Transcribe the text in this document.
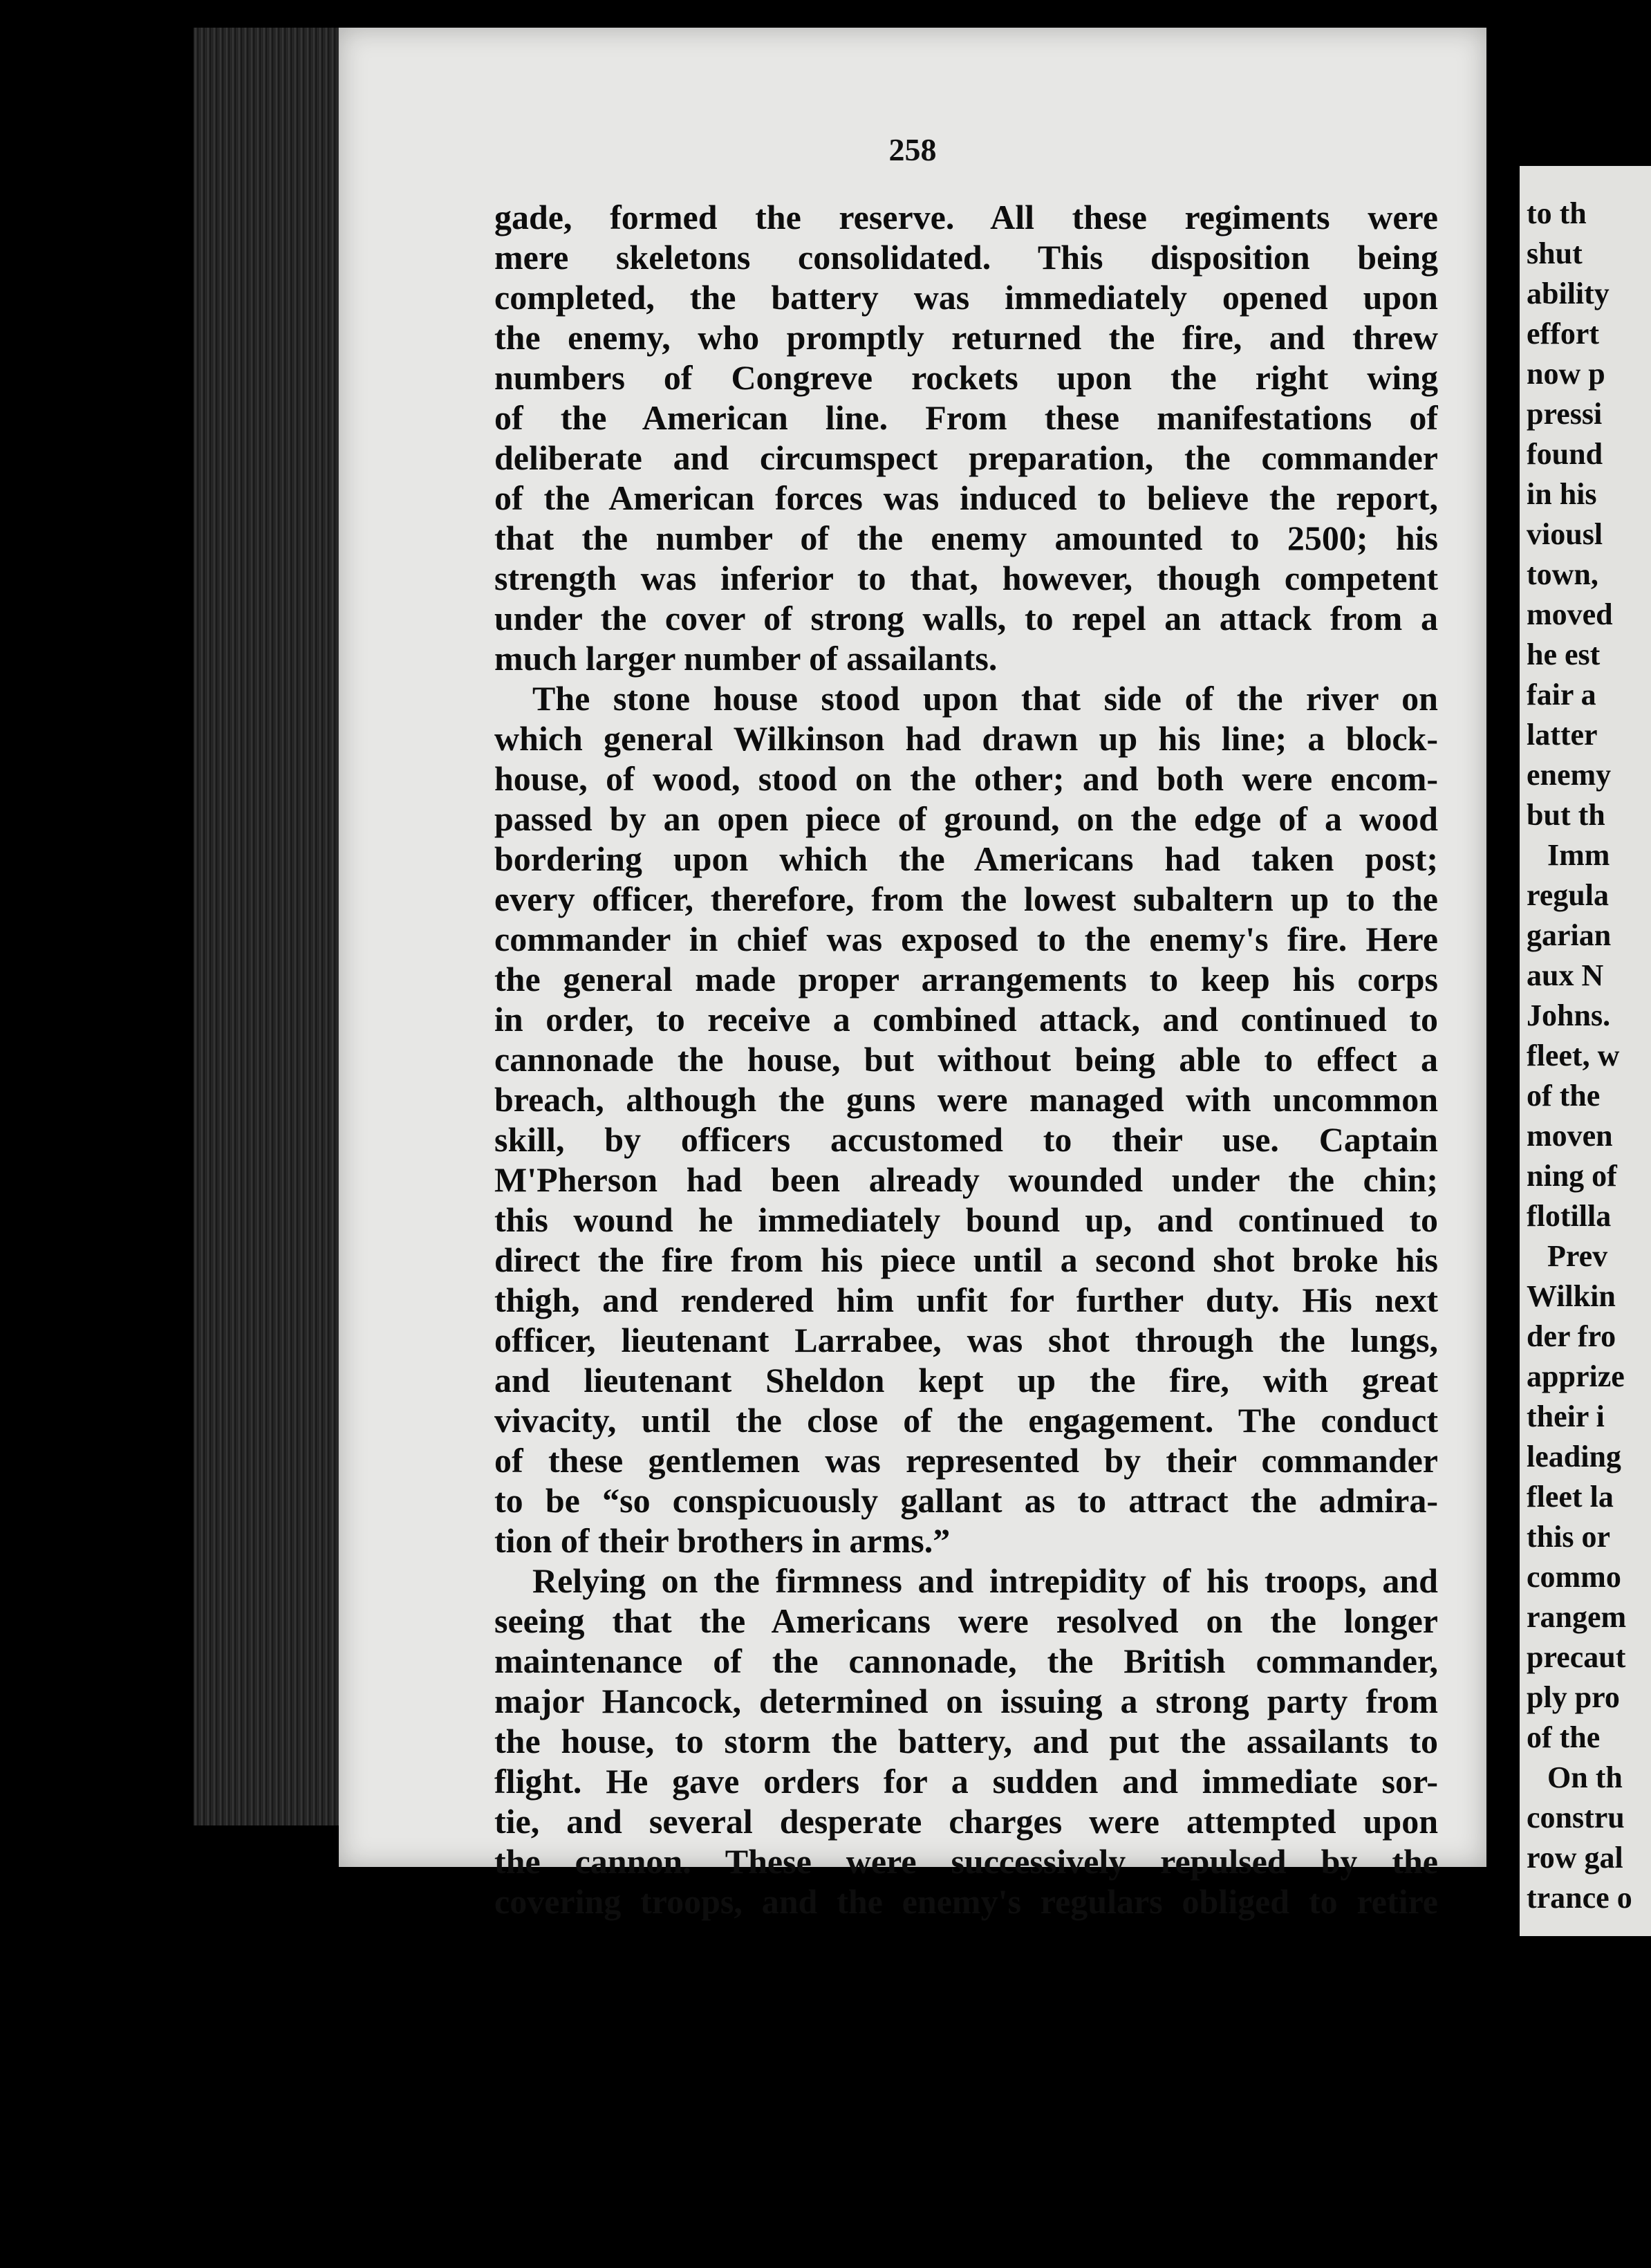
258
gade, formed the reserve. All these regiments were
mere skeletons consolidated. This disposition being
completed, the battery was immediately opened upon
the enemy, who promptly returned the fire, and threw
numbers of Congreve rockets upon the right wing
of the American line. From these manifestations of
deliberate and circumspect preparation, the commander
of the American forces was induced to believe the report,
that the number of the enemy amounted to 2500; his
strength was inferior to that, however, though competent
under the cover of strong walls, to repel an attack from a
much larger number of assailants.
The stone house stood upon that side of the river on
which general Wilkinson had drawn up his line; a block-
house, of wood, stood on the other; and both were encom-
passed by an open piece of ground, on the edge of a wood
bordering upon which the Americans had taken post;
every officer, therefore, from the lowest subaltern up to the
commander in chief was exposed to the enemy's fire. Here
the general made proper arrangements to keep his corps
in order, to receive a combined attack, and continued to
cannonade the house, but without being able to effect a
breach, although the guns were managed with uncommon
skill, by officers accustomed to their use. Captain
M'Pherson had been already wounded under the chin;
this wound he immediately bound up, and continued to
direct the fire from his piece until a second shot broke his
thigh, and rendered him unfit for further duty. His next
officer, lieutenant Larrabee, was shot through the lungs,
and lieutenant Sheldon kept up the fire, with great
vivacity, until the close of the engagement. The conduct
of these gentlemen was represented by their commander
to be “so conspicuously gallant as to attract the admira-
tion of their brothers in arms.”
Relying on the firmness and intrepidity of his troops, and
seeing that the Americans were resolved on the longer
maintenance of the cannonade, the British commander,
major Hancock, determined on issuing a strong party from
the house, to storm the battery, and put the assailants to
flight. He gave orders for a sudden and immediate sor-
tie, and several desperate charges were attempted upon
the cannon. These were successively repulsed by the
covering troops, and the enemy's regulars obliged to retire
to th
shut
ability
effort
now p
pressi
found
in his
viousl
town,
moved
he est
fair a
latter
enemy
but th
Imm
regula
garian
aux N
Johns.
fleet, w
of the
moven
ning of
flotilla
Prev
Wilkin
der fro
apprize
their i
leading
fleet la
this or
commo
rangem
precaut
ply pro
of the
On th
constru
row gal
trance o
